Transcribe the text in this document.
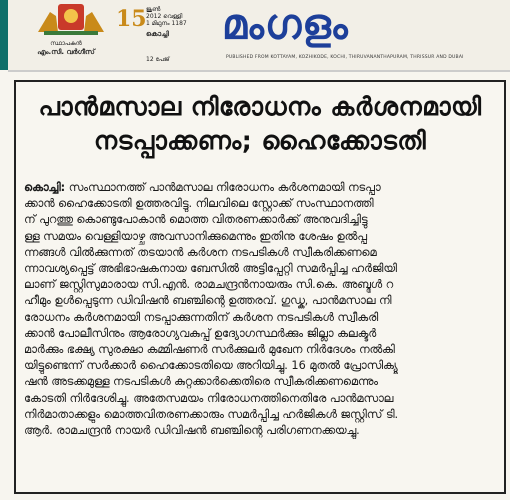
സ്ഥാപകൻ
എം.സി. വർഗീസ്
15 ജൂൺ
2012 വെള്ളി
1 മിഥുനം 1187
കൊച്ചി
12 പേജ്
മംഗളം
PUBLISHED FROM KOTTAYAM, KOZHIKODE, KOCHI, THIRUVANANTHAPURAM, THRISSUR AND DUBAI
പാൻമസാല നിരോധനം കർശനമായി
നടപ്പാക്കണം; ഹൈക്കോടതി
കൊച്ചി: സംസ്ഥാനത്ത് പാൻമസാല നിരോധനം കർശനമായി നടപ്പാ
ക്കാൻ ഹൈക്കോടതി ഉത്തരവിട്ടു. നിലവിലെ സ്റ്റോക്ക് സംസ്ഥാനത്തി
ന് പുറത്തു കൊണ്ടുപോകാൻ മൊത്ത വിതരണക്കാർക്ക് അനുവദിച്ചിട്ടു
ള്ള സമയം വെള്ളിയാഴ്ച അവസാനിക്കുമെന്നും ഇതിനു ശേഷം ഉൽപ്പ
ന്നങ്ങൾ വിൽക്കുന്നത് തടയാൻ കർശന നടപടികൾ സ്വീകരിക്കണമെ
ന്നാവശ്യപ്പെട്ട് അഭിഭാഷകനായ ബേസിൽ അട്ടിപ്പേറ്റി സമർപ്പിച്ച ഹർജിയി
ലാണ് ജസ്റ്റിസുമാരായ സി.എൻ. രാമചന്ദ്രൻനായരും സി.കെ. അബ്ദുൾ റ
ഹീമും ഉൾപ്പെടുന്ന ഡിവിഷൻ ബഞ്ചിന്റെ ഉത്തരവ്. ഗുഡ്ക, പാൻമസാല നി
രോധനം കർശനമായി നടപ്പാക്കുന്നതിന് കർശന നടപടികൾ സ്വീകരി
ക്കാൻ പോലീസിനും ആരോഗ്യവകുപ്പ് ഉദ്യോഗസ്ഥർക്കും ജില്ലാ കലക്ടർ
മാർക്കും ഭക്ഷ്യ സുരക്ഷാ കമ്മിഷണർ സർക്കുലർ മുഖേന നിർദേശം നൽകി
യിട്ടുണ്ടെന്ന് സർക്കാർ ഹൈക്കോടതിയെ അറിയിച്ചു. 16 മുതൽ പ്രോസിക്യൂ
ഷൻ അടക്കമുള്ള നടപടികൾ കുറ്റക്കാർക്കെതിരെ സ്വീകരിക്കണമെന്നും
കോടതി നിർദേശിച്ചു. അതേസമയം നിരോധനത്തിനെതിരേ പാൻമസാല
നിർമാതാക്കളും മൊത്തവിതരണക്കാരും സമർപ്പിച്ച ഹർജികൾ ജസ്റ്റിസ് ടി.
ആർ. രാമചന്ദ്രൻ നായർ ഡിവിഷൻ ബഞ്ചിന്റെ പരിഗണനക്കയച്ചു.
